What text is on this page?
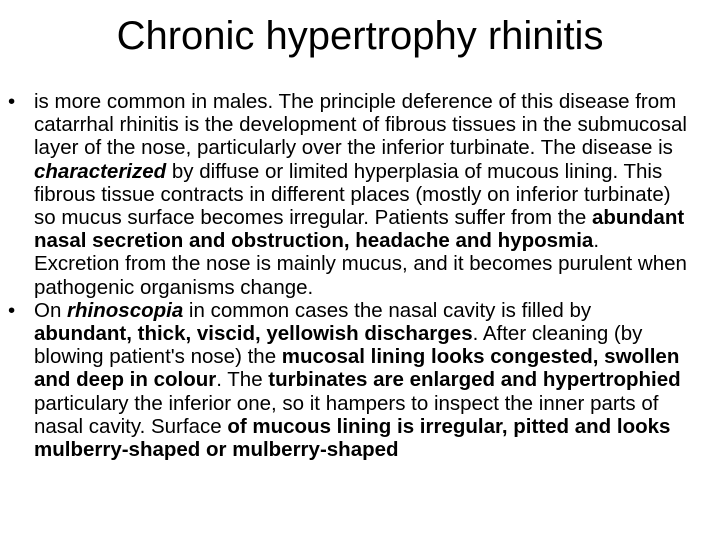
Chronic hypertrophy rhinitis
• is more common in males. The principle deference of this disease from catarrhal rhinitis is the development of fibrous tissues in the submucosal layer of the nose, particularly over the inferior turbinate. The disease is characterized by diffuse or limited hyperplasia of mucous lining. This fibrous tissue contracts in different places (mostly on inferior turbinate) so mucus surface becomes irregular. Patients suffer from the abundant nasal secretion and obstruction, headache and hyposmia. Excretion from the nose is mainly mucus, and it becomes purulent when pathogenic organisms change.
• On rhinoscopia in common cases the nasal cavity is filled by abundant, thick, viscid, yellowish discharges. After cleaning (by blowing patient's nose) the mucosal lining looks congested, swollen and deep in colour. The turbinates are enlarged and hypertrophied particulary the inferior one, so it hampers to inspect the inner parts of nasal cavity. Surface of mucous lining is irregular, pitted and looks mulberry-shaped or mulberry-shaped
